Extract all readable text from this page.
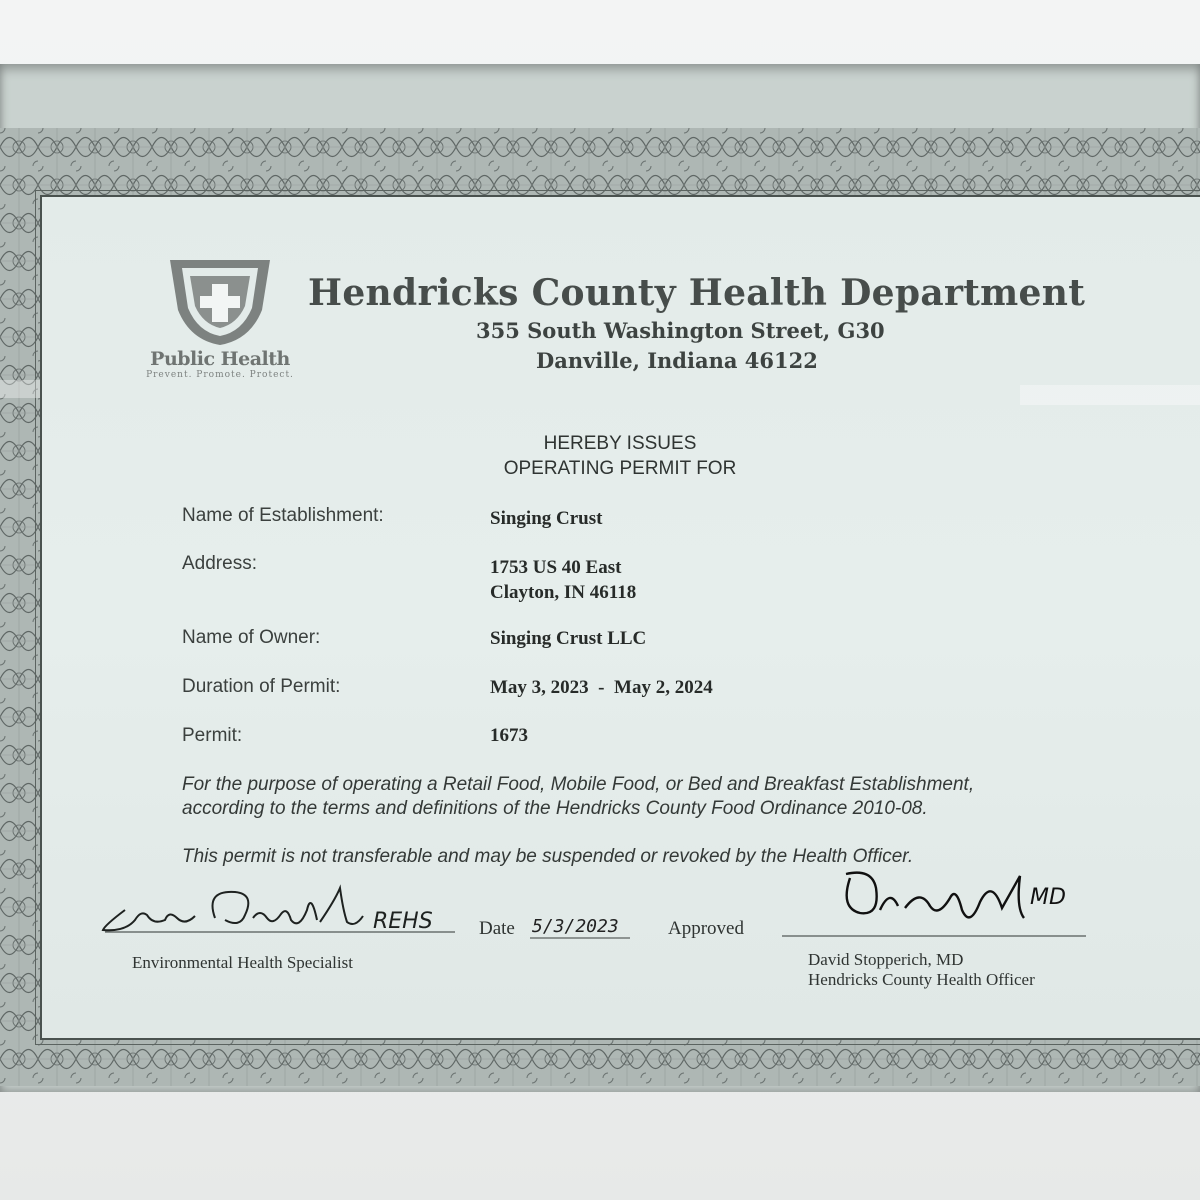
Public Health
Prevent. Promote. Protect.
Hendricks County Health Department
355 South Washington Street, G30
Danville, Indiana 46122
HEREBY ISSUES
OPERATING PERMIT FOR
Name of Establishment:	Singing Crust
Address:	1753 US 40 East
Clayton, IN 46118
Name of Owner:	Singing Crust LLC
Duration of Permit:	May 3, 2023  -  May 2, 2024
Permit:	1673
For the purpose of operating a Retail Food, Mobile Food, or Bed and Breakfast Establishment,
according to the terms and definitions of the Hendricks County Food Ordinance 2010-08.
This permit is not transferable and may be suspended or revoked by the Health Officer.
REHS
Environmental Health Specialist
Date 5/3/2023	Approved
MD
David Stopperich, MD
Hendricks County Health Officer
